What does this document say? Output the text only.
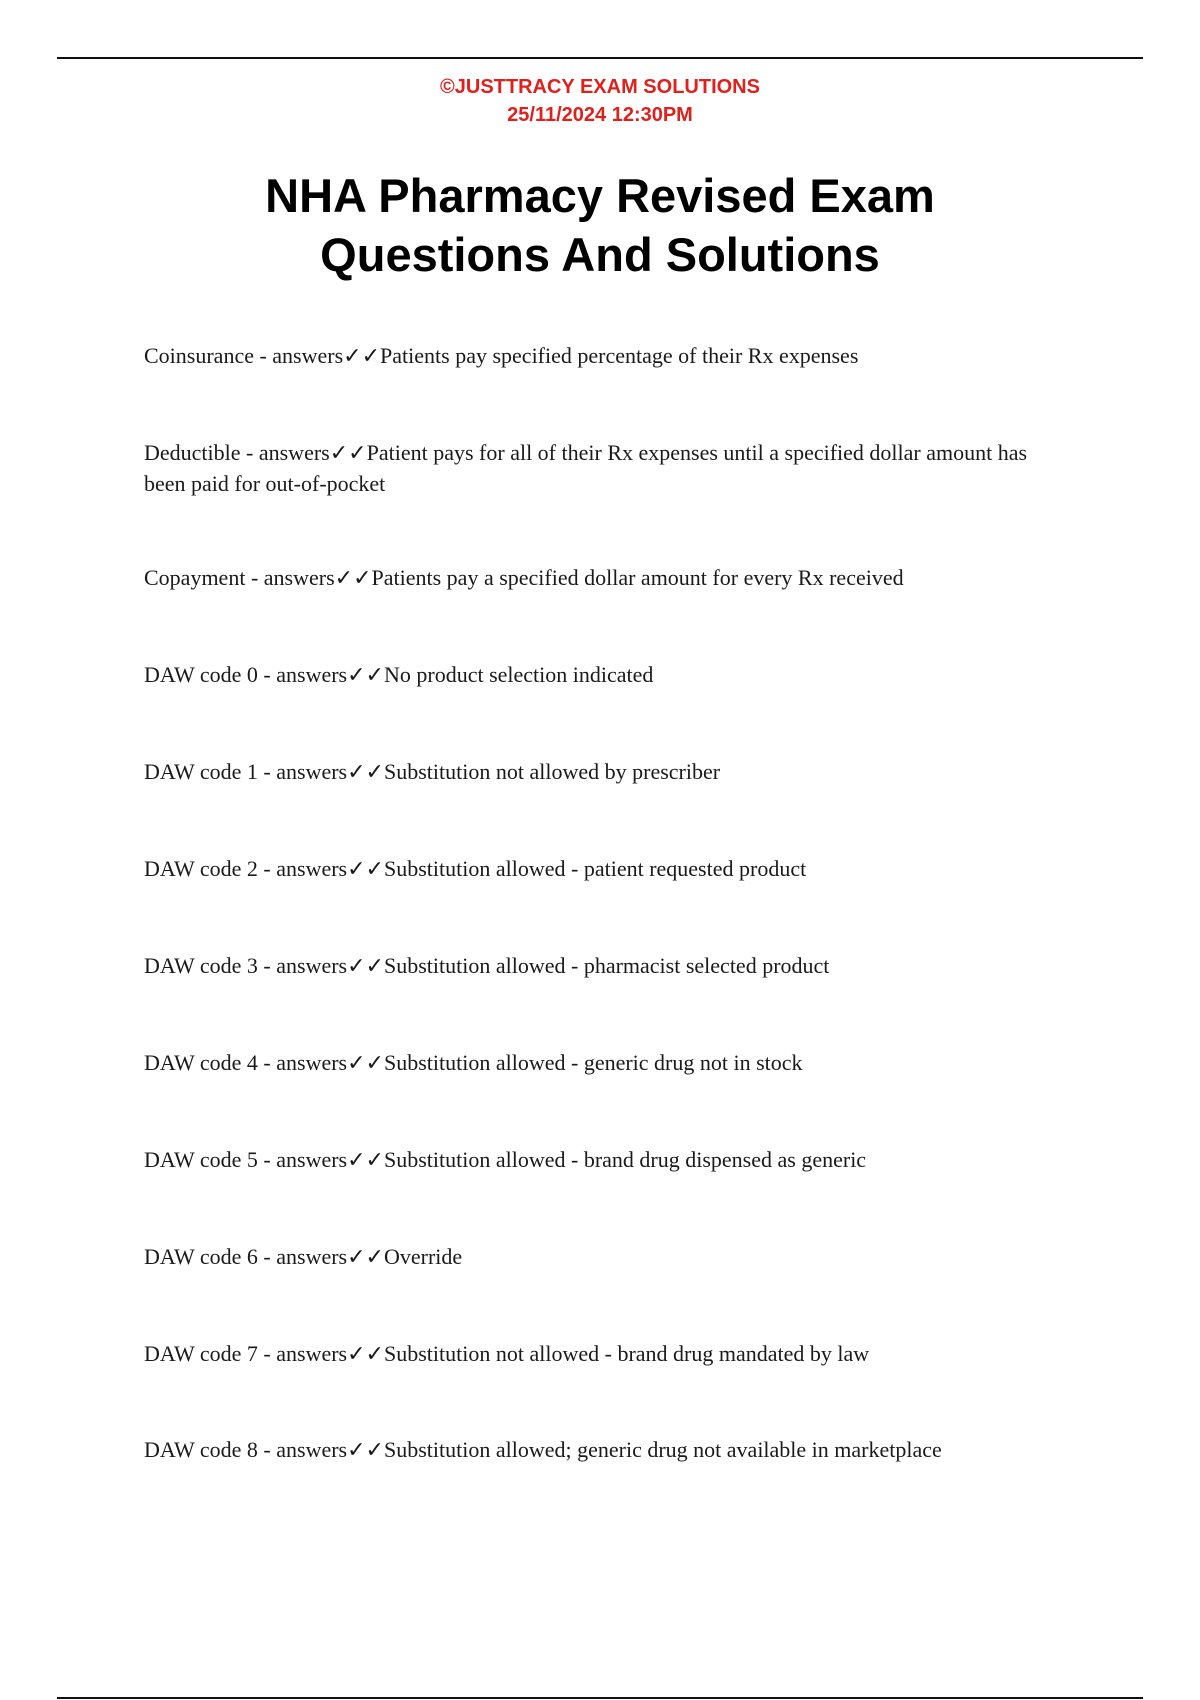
©JUSTTRACY EXAM SOLUTIONS
25/11/2024 12:30PM
NHA Pharmacy Revised Exam
Questions And Solutions
Coinsurance - answers✓✓Patients pay specified percentage of their Rx expenses
Deductible - answers✓✓Patient pays for all of their Rx expenses until a specified dollar amount has been paid for out-of-pocket
Copayment - answers✓✓Patients pay a specified dollar amount for every Rx received
DAW code 0 - answers✓✓No product selection indicated
DAW code 1 - answers✓✓Substitution not allowed by prescriber
DAW code 2 - answers✓✓Substitution allowed - patient requested product
DAW code 3 - answers✓✓Substitution allowed - pharmacist selected product
DAW code 4 - answers✓✓Substitution allowed - generic drug not in stock
DAW code 5 - answers✓✓Substitution allowed - brand drug dispensed as generic
DAW code 6 - answers✓✓Override
DAW code 7 - answers✓✓Substitution not allowed - brand drug mandated by law
DAW code 8 - answers✓✓Substitution allowed; generic drug not available in marketplace
